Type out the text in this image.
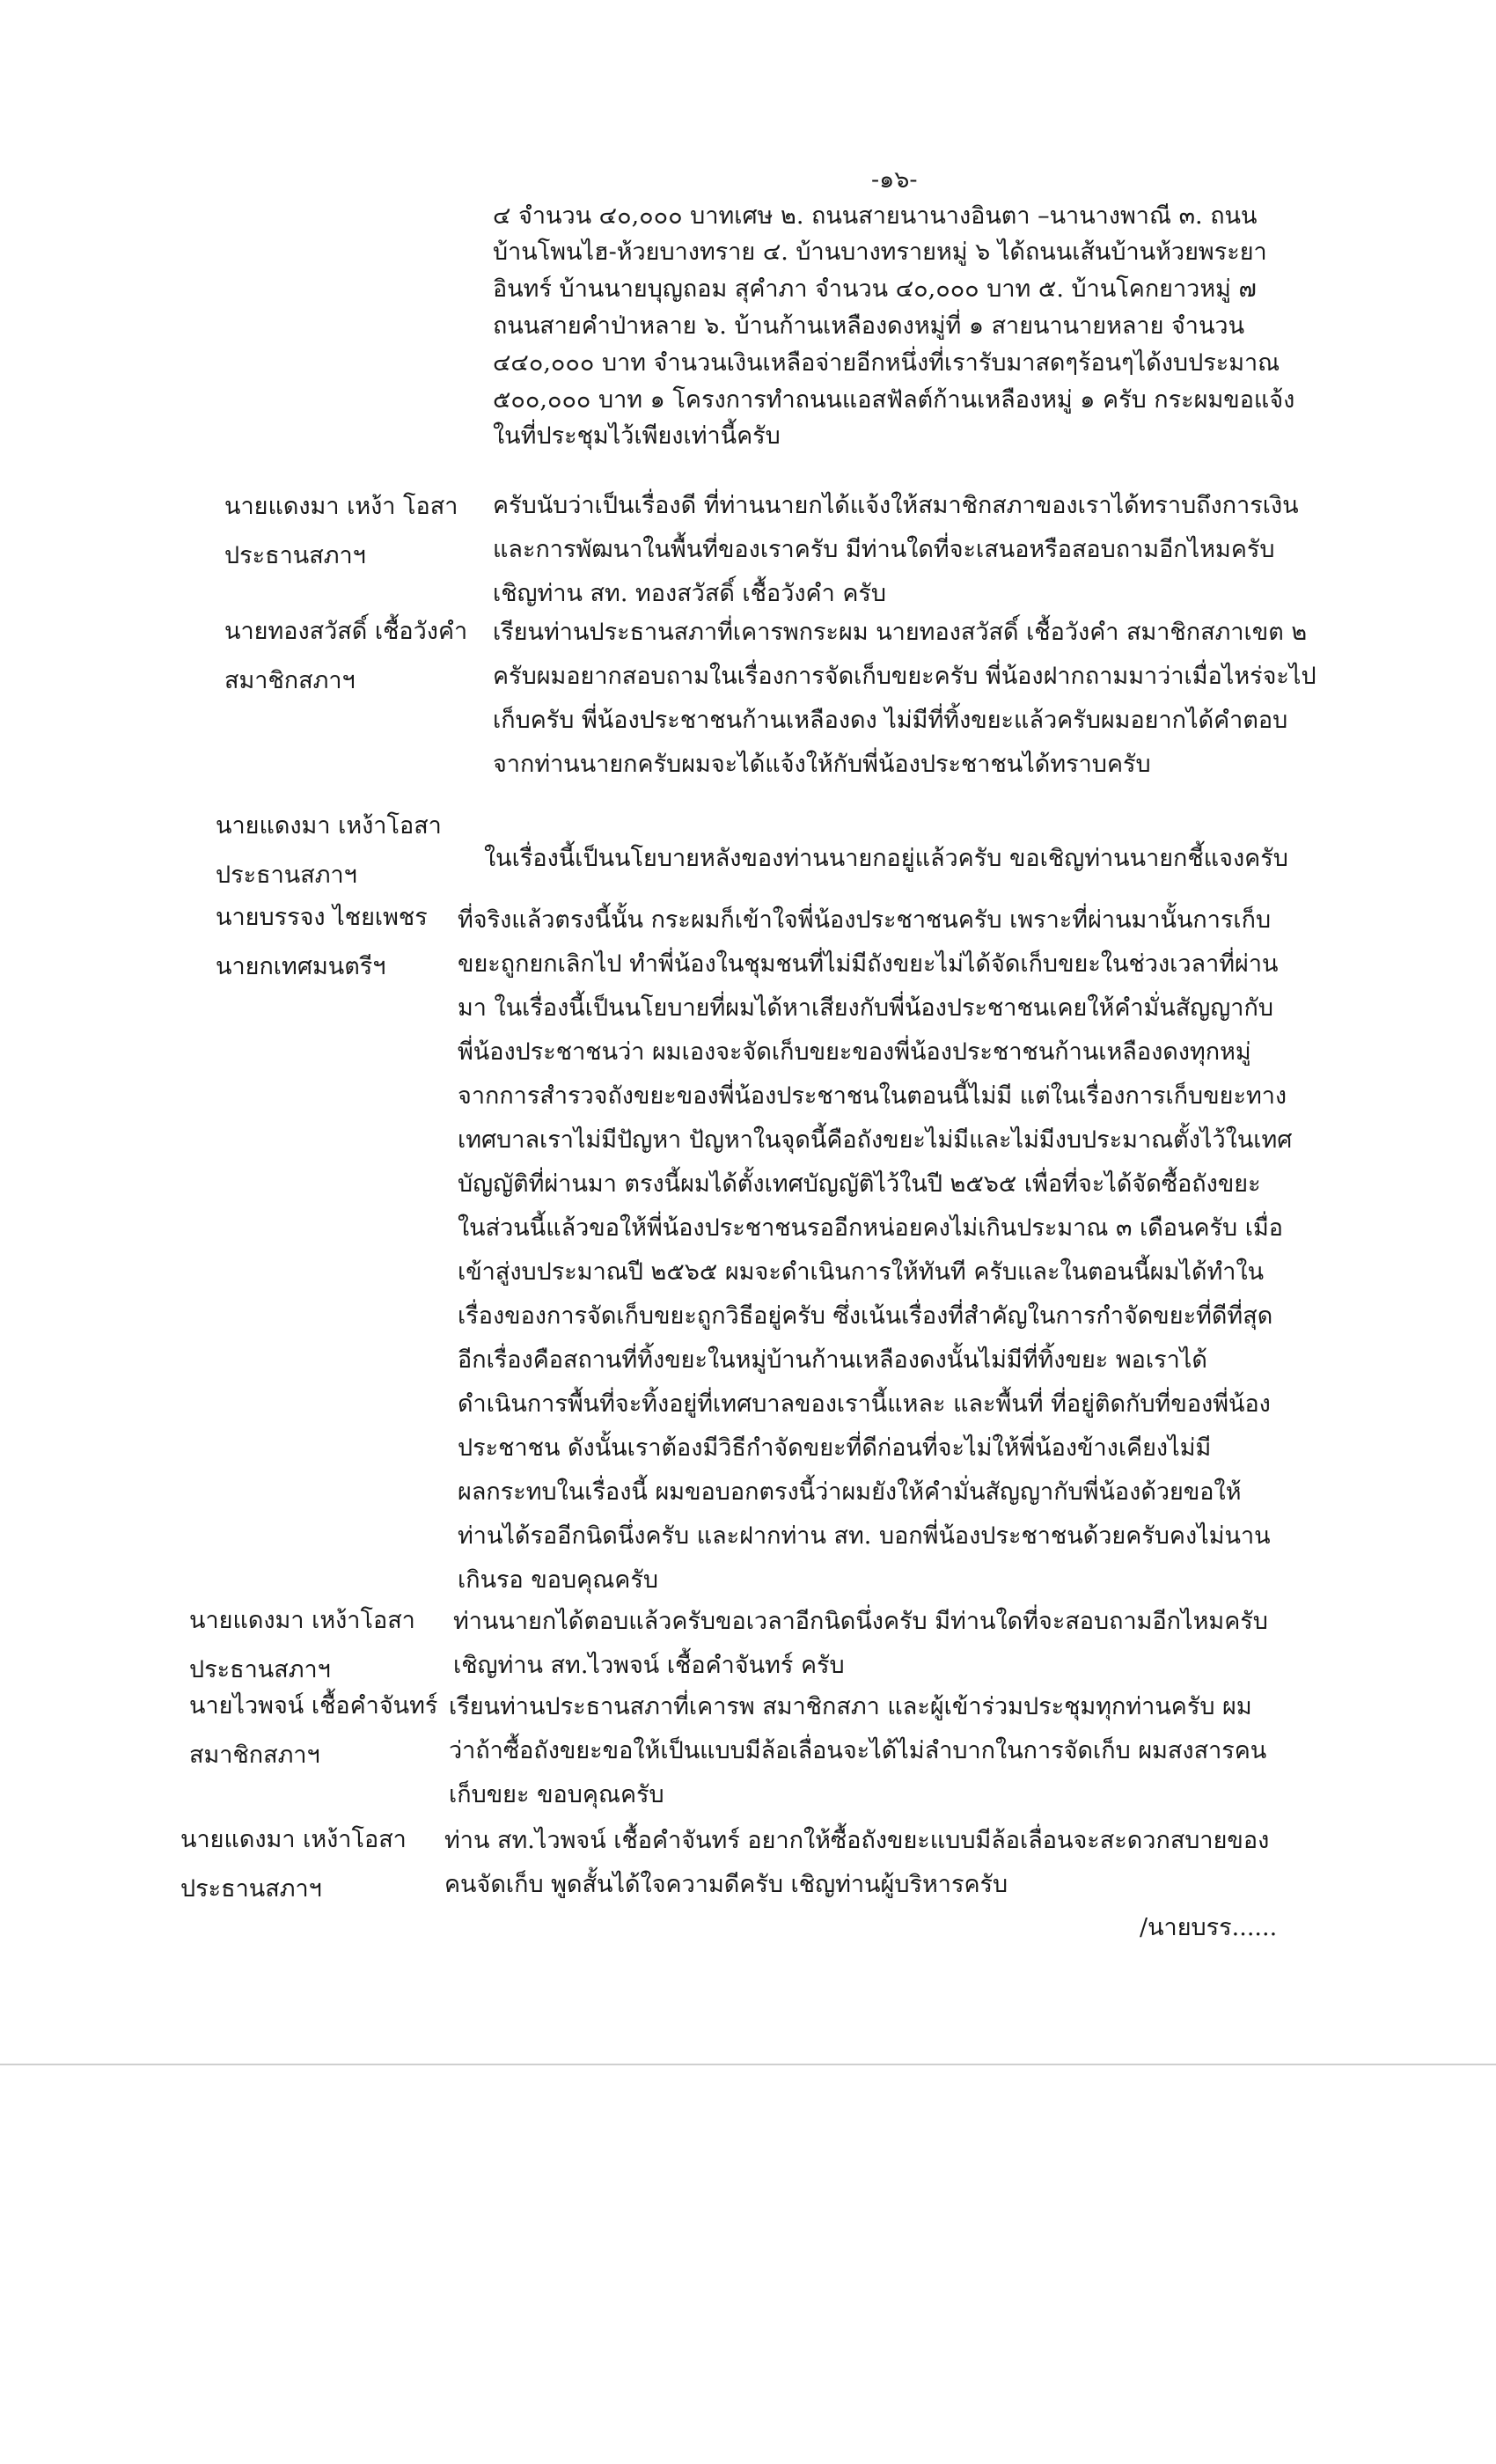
-๑๖-
๔ จำนวน ๔๐,๐๐๐ บาทเศษ ๒. ถนนสายนานางอินตา –นานางพาณี ๓. ถนน
บ้านโพนไฮ-ห้วยบางทราย ๔. บ้านบางทรายหมู่ ๖ ได้ถนนเส้นบ้านห้วยพระยา
อินทร์ บ้านนายบุญถอม สุคำภา จำนวน ๔๐,๐๐๐ บาท ๕. บ้านโคกยาวหมู่ ๗
ถนนสายคำป่าหลาย ๖. บ้านก้านเหลืองดงหมู่ที่ ๑ สายนานายหลาย จำนวน
๔๔๐,๐๐๐ บาท จำนวนเงินเหลือจ่ายอีกหนึ่งที่เรารับมาสดๆร้อนๆได้งบประมาณ
๕๐๐,๐๐๐ บาท ๑ โครงการทำถนนแอสฟัลต์ก้านเหลืองหมู่ ๑ ครับ กระผมขอแจ้ง
ในที่ประชุมไว้เพียงเท่านี้ครับ
นายแดงมา เหง้า โอสา
ประธานสภาฯ
ครับนับว่าเป็นเรื่องดี ที่ท่านนายกได้แจ้งให้สมาชิกสภาของเราได้ทราบถึงการเงิน
และการพัฒนาในพื้นที่ของเราครับ มีท่านใดที่จะเสนอหรือสอบถามอีกไหมครับ
เชิญท่าน สท. ทองสวัสดิ์ เชื้อวังคำ ครับ
นายทองสวัสดิ์ เชื้อวังคำ
สมาชิกสภาฯ
เรียนท่านประธานสภาที่เคารพกระผม นายทองสวัสดิ์ เชื้อวังคำ สมาชิกสภาเขต ๒
ครับผมอยากสอบถามในเรื่องการจัดเก็บขยะครับ พี่น้องฝากถามมาว่าเมื่อไหร่จะไป
เก็บครับ พี่น้องประชาชนก้านเหลืองดง ไม่มีที่ทิ้งขยะแล้วครับผมอยากได้คำตอบ
จากท่านนายกครับผมจะได้แจ้งให้กับพี่น้องประชาชนได้ทราบครับ
นายแดงมา เหง้าโอสา
ประธานสภาฯ
ในเรื่องนี้เป็นนโยบายหลังของท่านนายกอยู่แล้วครับ ขอเชิญท่านนายกชี้แจงครับ
นายบรรจง ไชยเพชร
นายกเทศมนตรีฯ
ที่จริงแล้วตรงนี้นั้น กระผมก็เข้าใจพี่น้องประชาชนครับ เพราะที่ผ่านมานั้นการเก็บ
ขยะถูกยกเลิกไป ทำพี่น้องในชุมชนที่ไม่มีถังขยะไม่ได้จัดเก็บขยะในช่วงเวลาที่ผ่าน
มา ในเรื่องนี้เป็นนโยบายที่ผมได้หาเสียงกับพี่น้องประชาชนเคยให้คำมั่นสัญญากับ
พี่น้องประชาชนว่า ผมเองจะจัดเก็บขยะของพี่น้องประชาชนก้านเหลืองดงทุกหมู่
จากการสำรวจถังขยะของพี่น้องประชาชนในตอนนี้ไม่มี แต่ในเรื่องการเก็บขยะทาง
เทศบาลเราไม่มีปัญหา ปัญหาในจุดนี้คือถังขยะไม่มีและไม่มีงบประมาณตั้งไว้ในเทศ
บัญญัติที่ผ่านมา ตรงนี้ผมได้ตั้งเทศบัญญัติไว้ในปี ๒๕๖๕ เพื่อที่จะได้จัดซื้อถังขยะ
ในส่วนนี้แล้วขอให้พี่น้องประชาชนรออีกหน่อยคงไม่เกินประมาณ ๓ เดือนครับ เมื่อ
เข้าสู่งบประมาณปี ๒๕๖๕ ผมจะดำเนินการให้ทันที ครับและในตอนนี้ผมได้ทำใน
เรื่องของการจัดเก็บขยะถูกวิธีอยู่ครับ ซึ่งเน้นเรื่องที่สำคัญในการกำจัดขยะที่ดีที่สุด
อีกเรื่องคือสถานที่ทิ้งขยะในหมู่บ้านก้านเหลืองดงนั้นไม่มีที่ทิ้งขยะ พอเราได้
ดำเนินการพื้นที่จะทิ้งอยู่ที่เทศบาลของเรานี้แหละ และพื้นที่ ที่อยู่ติดกับที่ของพี่น้อง
ประชาชน ดังนั้นเราต้องมีวิธีกำจัดขยะที่ดีก่อนที่จะไม่ให้พี่น้องข้างเคียงไม่มี
ผลกระทบในเรื่องนี้ ผมขอบอกตรงนี้ว่าผมยังให้คำมั่นสัญญากับพี่น้องด้วยขอให้
ท่านได้รออีกนิดนึ่งครับ และฝากท่าน สท. บอกพี่น้องประชาชนด้วยครับคงไม่นาน
เกินรอ ขอบคุณครับ
นายแดงมา เหง้าโอสา
ประธานสภาฯ
ท่านนายกได้ตอบแล้วครับขอเวลาอีกนิดนึ่งครับ มีท่านใดที่จะสอบถามอีกไหมครับ
เชิญท่าน สท.ไวพจน์ เชื้อคำจันทร์ ครับ
นายไวพจน์ เชื้อคำจันทร์
สมาชิกสภาฯ
เรียนท่านประธานสภาที่เคารพ สมาชิกสภา และผู้เข้าร่วมประชุมทุกท่านครับ ผม
ว่าถ้าซื้อถังขยะขอให้เป็นแบบมีล้อเลื่อนจะได้ไม่ลำบากในการจัดเก็บ ผมสงสารคน
เก็บขยะ ขอบคุณครับ
นายแดงมา เหง้าโอสา
ประธานสภาฯ
ท่าน สท.ไวพจน์ เชื้อคำจันทร์ อยากให้ซื้อถังขยะแบบมีล้อเลื่อนจะสะดวกสบายของ
คนจัดเก็บ พูดสั้นได้ใจความดีครับ เชิญท่านผู้บริหารครับ
/นายบรร......
